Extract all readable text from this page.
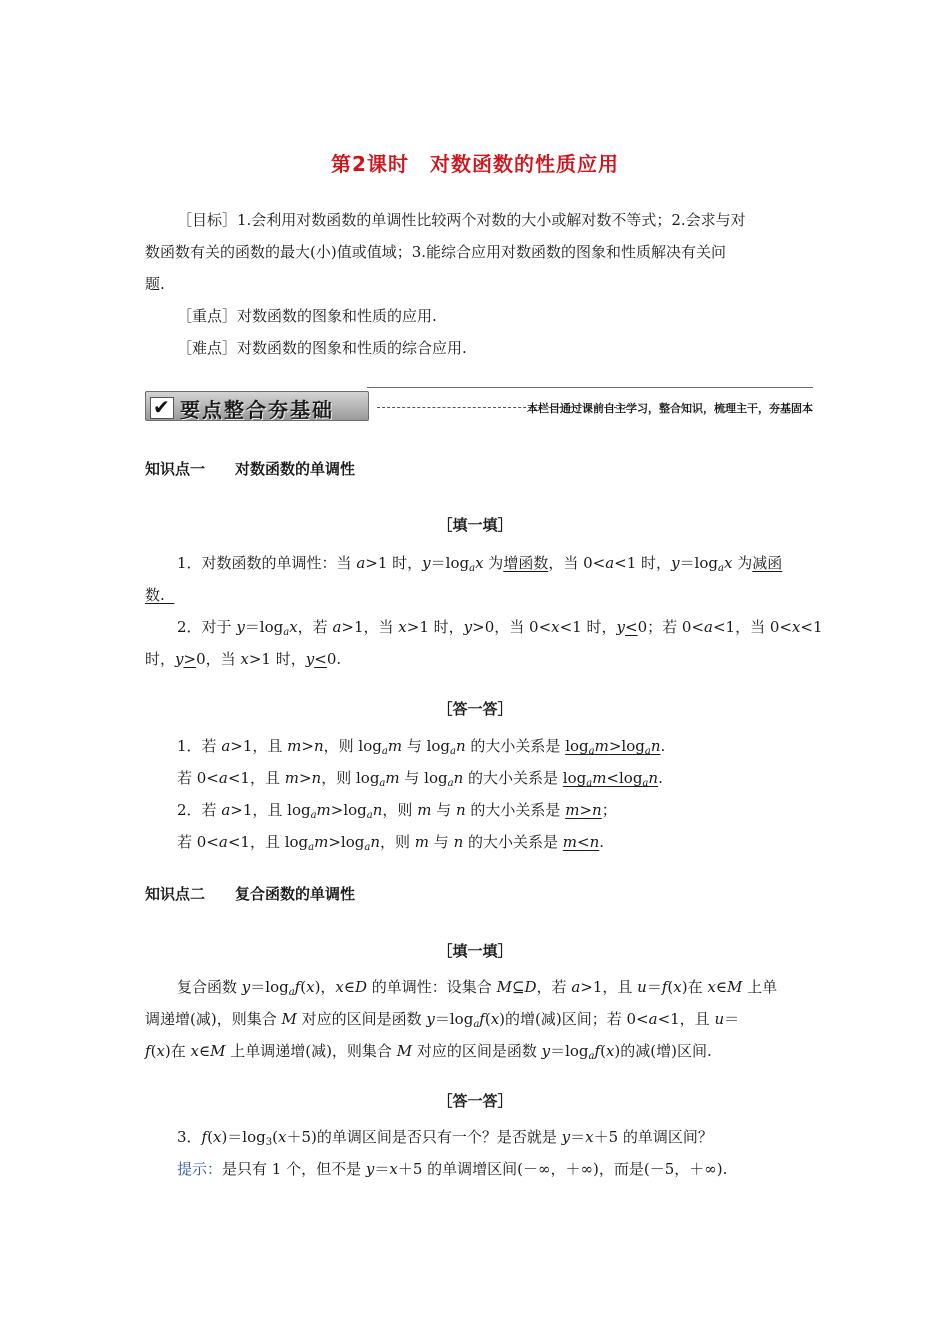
第2课时　对数函数的性质应用
［目标］1.会利用对数函数的单调性比较两个对数的大小或解对数不等式；2.会求与对
数函数有关的函数的最大(小)值或值域；3.能综合应用对数函数的图象和性质解决有关问
题.
［重点］对数函数的图象和性质的应用.
［难点］对数函数的图象和性质的综合应用.
✔ 要点整合夯基础	本栏目通过课前自主学习，整合知识，梳理主干，夯基固本
知识点一　　对数函数的单调性
［填一填］
1．对数函数的单调性：当 a>1 时，$y=\log_ax$ 为增函数，当 0<a<1 时，$y=\log_ax$ 为减函
数.
2．对于 $y=\log_ax$，若 a>1，当 x>1 时，y>0，当 0<x<1 时，y<0；若 0<a<1，当 0<x<1
时，y>0，当 x>1 时，y<0.
［答一答］
1．若 a>1，且 m>n，则 $\log_am$ 与 $\log_an$ 的大小关系是 $\log_am>\log_an$.
若 0<a<1，且 m>n，则 $\log_am$ 与 $\log_an$ 的大小关系是 $\log_am<\log_an$.
2．若 a>1，且 $\log_am>\log_an$，则 m 与 n 的大小关系是 m>n；
若 0<a<1，且 $\log_am>\log_an$，则 m 与 n 的大小关系是 m<n.
知识点二　　复合函数的单调性
［填一填］
复合函数 $y=\log_af(x)$，x∈D 的单调性：设集合 M⊆D，若 a>1，且 u＝f(x)在 x∈M 上单
调递增(减)，则集合 M 对应的区间是函数 $y=\log_af(x)$的增(减)区间；若 0<a<1，且 u＝
f(x)在 x∈M 上单调递增(减)，则集合 M 对应的区间是函数 $y=\log_af(x)$的减(增)区间.
［答一答］
3．$f(x)=\log_3(x+5)$的单调区间是否只有一个？是否就是 y＝x＋5 的单调区间？
提示：是只有 1 个，但不是 y＝x＋5 的单调增区间(－∞，＋∞)，而是(－5，＋∞).
